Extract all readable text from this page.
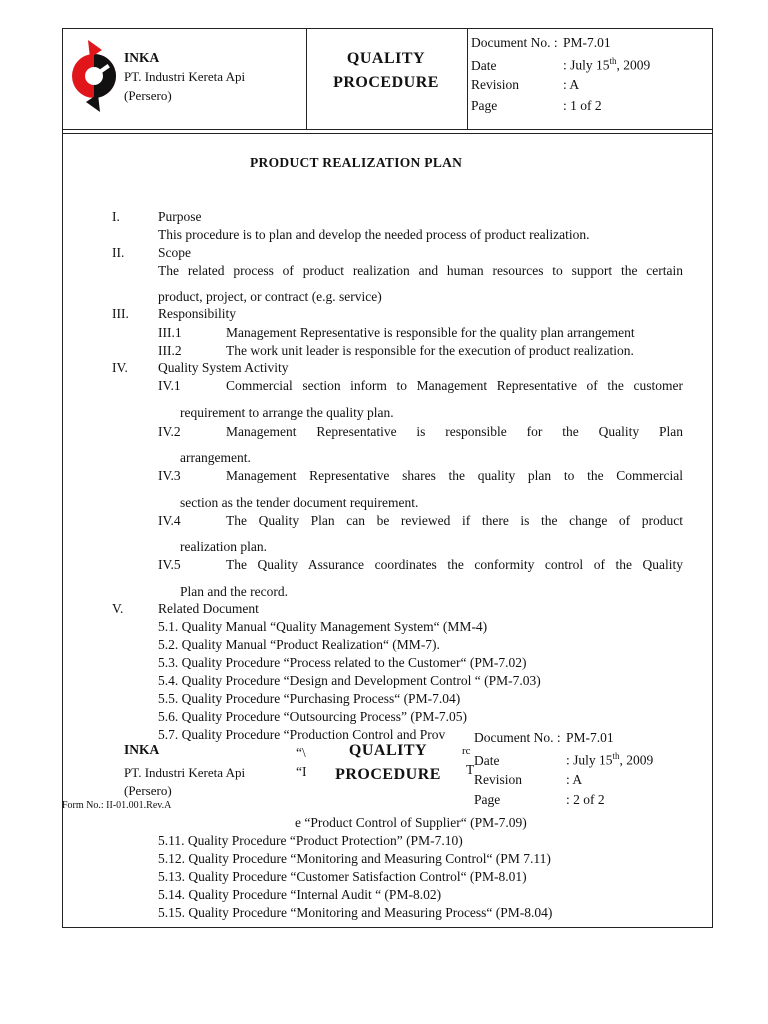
INKA
PT. Industri Kereta Api
(Persero)
QUALITY
PROCEDURE
Document No. : PM-7.01
Date	: July 15th, 2009
Revision	: A
Page	: 1 of 2
PRODUCT REALIZATION PLAN
I.	Purpose
This procedure is to plan and develop the needed process of product realization.
II. Scope
The related process of product realization and human resources to support the certain
product, project, or contract (e.g. service)
III. Responsibility
III.1	Management Representative is responsible for the quality plan arrangement
III.2	The work unit leader is responsible for the execution of product realization.
IV. Quality System Activity
IV.1	Commercial section inform to Management Representative of the customer
requirement to arrange the quality plan.
IV.2	Management Representative is responsible for the Quality Plan
arrangement.
IV.3	Management Representative shares the quality plan to the Commercial
section as the tender document requirement.
IV.4	The Quality Plan can be reviewed if there is the change of product
realization plan.
IV.5	The Quality Assurance coordinates the conformity control of the Quality
Plan and the record.
V.	Related Document
5.1. Quality Manual “Quality Management System“ (MM-4)
5.2. Quality Manual “Product Realization“ (MM-7).
5.3. Quality Procedure “Process related to the Customer“ (PM-7.02)
5.4. Quality Procedure “Design and Development Control “ (PM-7.03)
5.5. Quality Procedure “Purchasing Process“ (PM-7.04)
5.6. Quality Procedure “Outsourcing Process” (PM-7.05)
5.7. Quality Procedure “Production Control and Prov
INKA
PT. Industri Kereta Api
(Persero)
Form No.: II-01.001.Rev.A
“\
“I
rc
T
QUALITY
PROCEDURE
Document No. : PM-7.01
Date	: July 15th, 2009
Revision	: A
Page	: 2 of 2
e “Product Control of Supplier“ (PM-7.09)
5.11. Quality Procedure “Product Protection” (PM-7.10)
5.12. Quality Procedure “Monitoring and Measuring Control“ (PM 7.11)
5.13. Quality Procedure “Customer Satisfaction Control“ (PM-8.01)
5.14. Quality Procedure “Internal Audit “ (PM-8.02)
5.15. Quality Procedure “Monitoring and Measuring Process“ (PM-8.04)
